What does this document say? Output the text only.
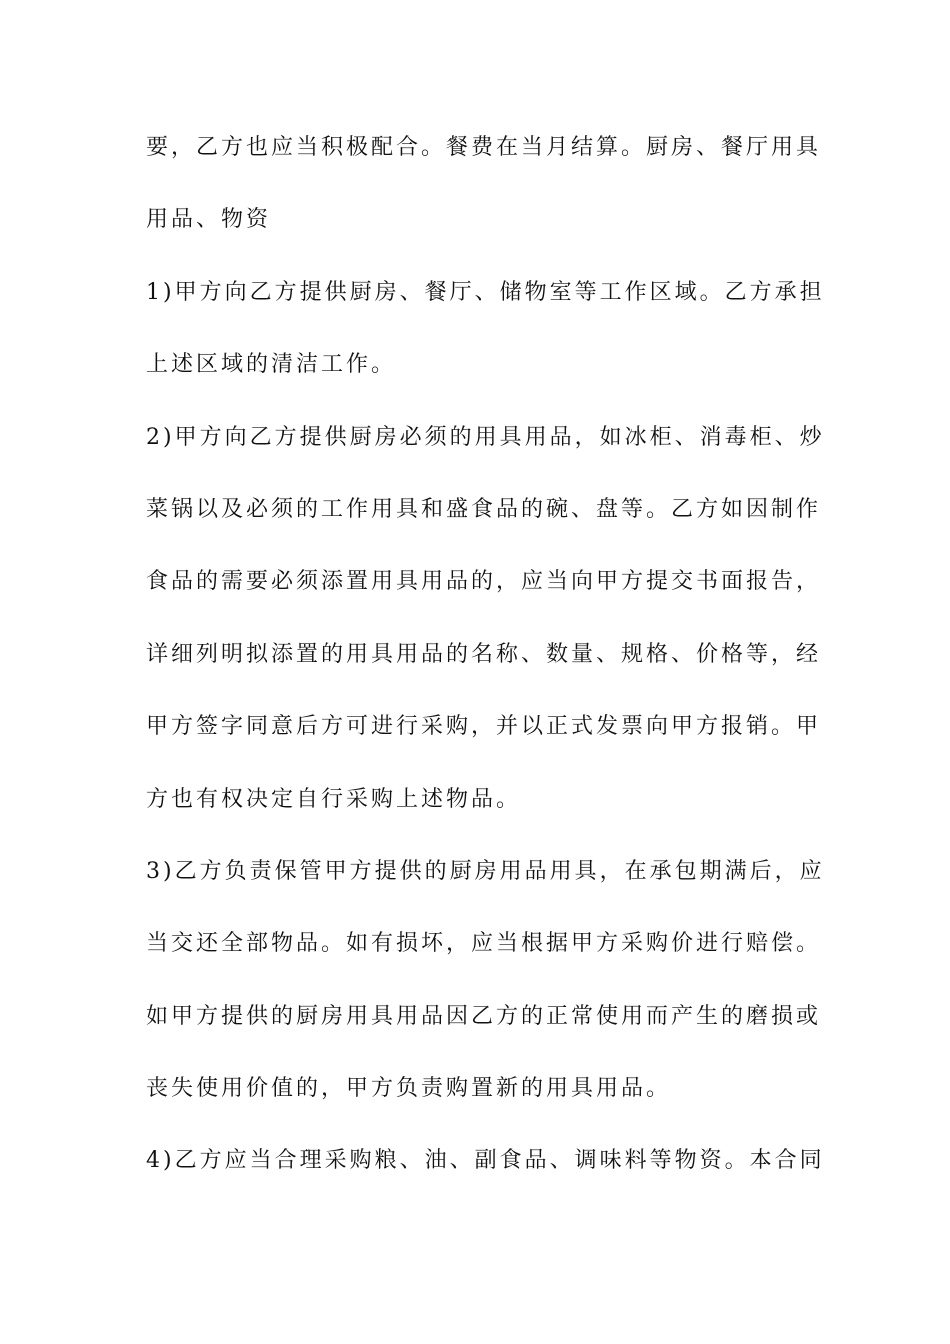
要，乙方也应当积极配合。餐费在当月结算。厨房、餐厅用具
用品、物资
1)甲方向乙方提供厨房、餐厅、储物室等工作区域。乙方承担
上述区域的清洁工作。
2)甲方向乙方提供厨房必须的用具用品，如冰柜、消毒柜、炒
菜锅以及必须的工作用具和盛食品的碗、盘等。乙方如因制作
食品的需要必须添置用具用品的，应当向甲方提交书面报告，
详细列明拟添置的用具用品的名称、数量、规格、价格等，经
甲方签字同意后方可进行采购，并以正式发票向甲方报销。甲
方也有权决定自行采购上述物品。
3)乙方负责保管甲方提供的厨房用品用具，在承包期满后，应
当交还全部物品。如有损坏，应当根据甲方采购价进行赔偿。
如甲方提供的厨房用具用品因乙方的正常使用而产生的磨损或
丧失使用价值的，甲方负责购置新的用具用品。
4)乙方应当合理采购粮、油、副食品、调味料等物资。本合同
